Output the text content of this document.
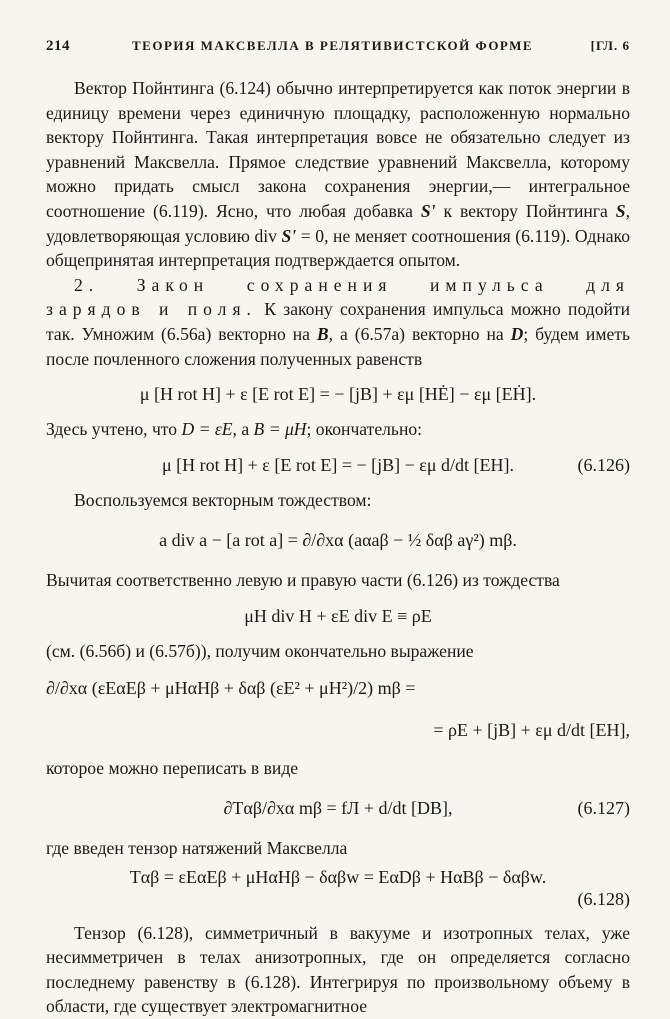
214	ТЕОРИЯ МАКСВЕЛЛА В РЕЛЯТИВИСТСКОЙ ФОРМЕ	[ГЛ. 6

Вектор Пойнтинга (6.124) обычно интерпретируется как поток энергии в единицу времени через единичную площадку, расположенную нормально вектору Пойнтинга. Такая интерпретация вовсе не обязательно следует из уравнений Максвелла. Прямое следствие уравнений Максвелла, которому можно придать смысл закона сохранения энергии,— интегральное соотношение (6.119). Ясно, что любая добавка S' к вектору Пойнтинга S, удовлетворяющая условию div S' = 0, не меняет соотношения (6.119). Однако общепринятая интерпретация подтверждается опытом.

2. Закон сохранения импульса для зарядов и поля. К закону сохранения импульса можно подойти так. Умножим (6.56а) векторно на B, а (6.57а) векторно на D; будем иметь после почленного сложения полученных равенств

μ [H rot H] + ε [E rot E] = − [jB] + εμ [HĖ] − εμ [EḢ].

Здесь учтено, что D = εE, а B = μH; окончательно:

μ [H rot H] + ε [E rot E] = − [jB] − εμ d/dt [EH].	(6.126)

Воспользуемся векторным тождеством:

a div a − [a rot a] = ∂/∂xα (aαaβ − ½ δαβ aγ²) mβ.

Вычитая соответственно левую и правую части (6.126) из тождества

μH div H + εE div E ≡ ρE

(см. (6.56б) и (6.57б)), получим окончательно выражение

∂/∂xα (εEαEβ + μHαHβ + δαβ (εE² + μH²)/2) mβ =
= ρE + [jB] + εμ d/dt [EH],

которое можно переписать в виде

∂Tαβ/∂xα mβ = fЛ + d/dt [DB],	(6.127)

где введен тензор натяжений Максвелла

Tαβ = εEαEβ + μHαHβ − δαβw = EαDβ + HαBβ − δαβw.
(6.128)

Тензор (6.128), симметричный в вакууме и изотропных телах, уже несимметричен в телах анизотропных, где он определяется согласно последнему равенству в (6.128). Интегрируя по произвольному объему в области, где существует электромагнитное
